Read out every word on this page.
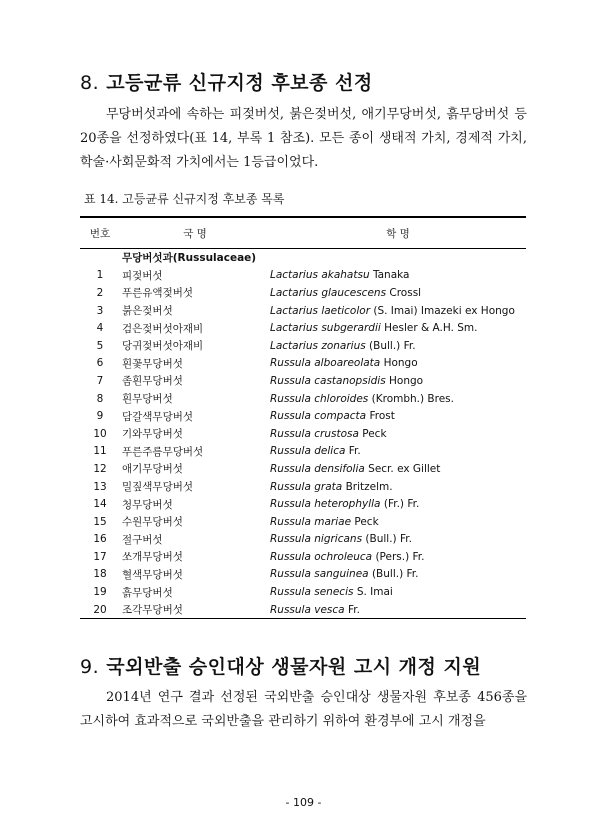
8. 고등균류 신규지정 후보종 선정

무당버섯과에 속하는 피젖버섯, 붉은젖버섯, 애기무당버섯, 흙무당버섯 등 20종을 선정하였다(표 14, 부록 1 참조). 모든 종이 생태적 가치, 경제적 가치, 학술·사회문화적 가치에서는 1등급이었다.

표 14. 고등균류 신규지정 후보종 목록

번호	국 명	학 명
	무당버섯과(Russulaceae)	
1	피젖버섯	Lactarius akahatsu Tanaka
2	푸른유액젖버섯	Lactarius glaucescens Crossl
3	붉은젖버섯	Lactarius laeticolor (S. Imai) Imazeki ex Hongo
4	검은젖버섯아재비	Lactarius subgerardii Hesler & A.H. Sm.
5	당귀젖버섯아재비	Lactarius zonarius (Bull.) Fr.
6	흰꽃무당버섯	Russula alboareolata Hongo
7	좀흰무당버섯	Russula castanopsidis Hongo
8	흰무당버섯	Russula chloroides (Krombh.) Bres.
9	담갈색무당버섯	Russula compacta Frost
10	기와무당버섯	Russula crustosa Peck
11	푸른주름무당버섯	Russula delica Fr.
12	애기무당버섯	Russula densifolia Secr. ex Gillet
13	밀짚색무당버섯	Russula grata Britzelm.
14	청무당버섯	Russula heterophylla (Fr.) Fr.
15	수원무당버섯	Russula mariae Peck
16	절구버섯	Russula nigricans (Bull.) Fr.
17	쏘개무당버섯	Russula ochroleuca (Pers.) Fr.
18	혈색무당버섯	Russula sanguinea (Bull.) Fr.
19	흙무당버섯	Russula senecis S. Imai
20	조각무당버섯	Russula vesca Fr.
9. 국외반출 승인대상 생물자원 고시 개정 지원

2014년 연구 결과 선정된 국외반출 승인대상 생물자원 후보종 456종을 고시하여 효과적으로 국외반출을 관리하기 위하여 환경부에 고시 개정을

- 109 -
